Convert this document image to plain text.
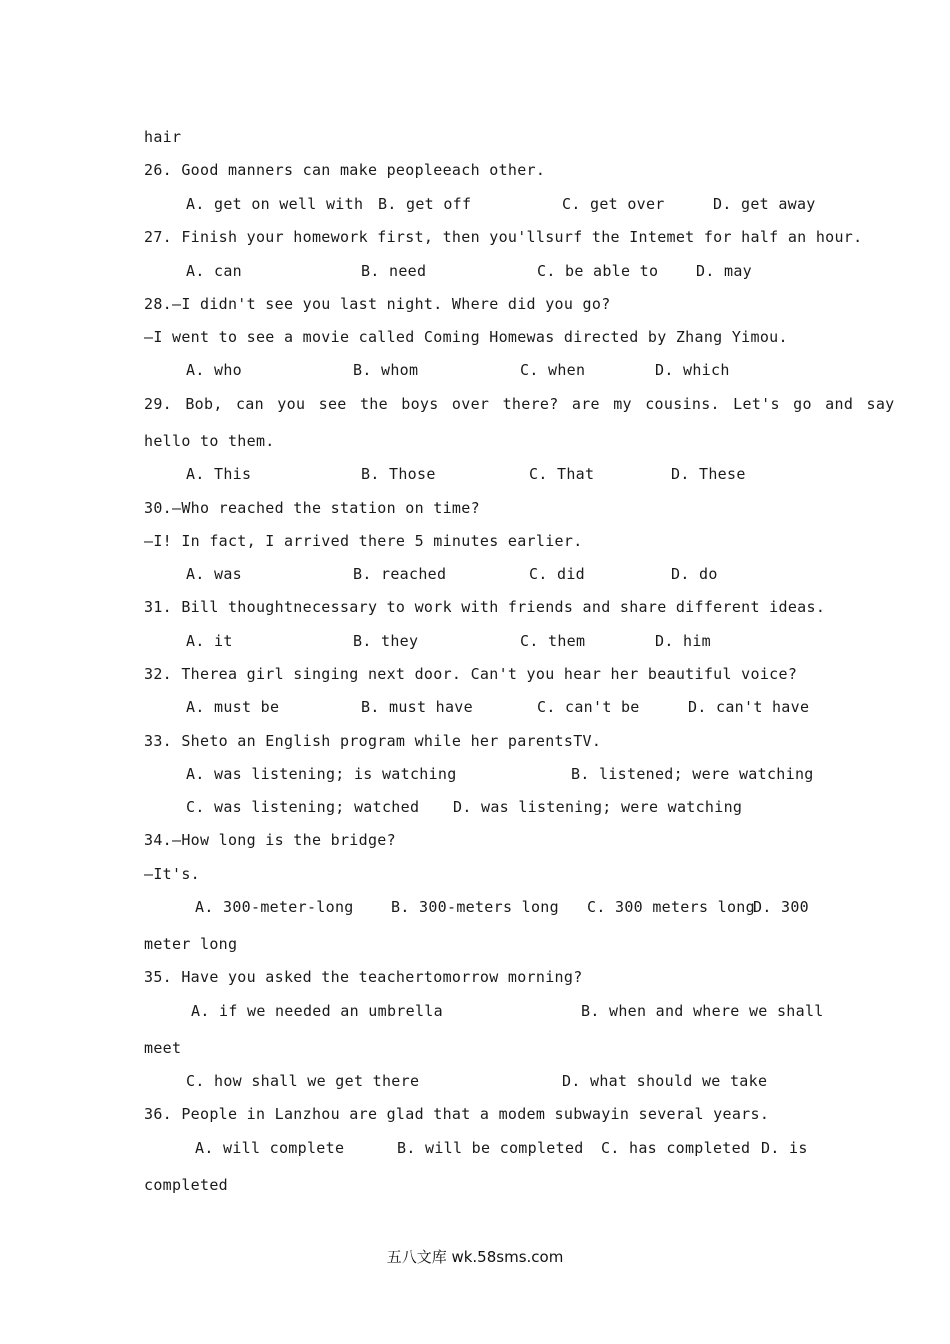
hair
26. Good manners can make peopleeach other.
A. get on well with B. get off	C. get over	D. get away
27. Finish your homework first, then you'llsurf the Intemet for half an hour.
A. can	B. need	C. be able to	D. may
28.—I didn't see you last night. Where did you go?
—I went to see a movie called Coming Homewas directed by Zhang Yimou.
A. who	B. whom	C. when	D. which
29. Bob, can you see the boys over there? are my cousins. Let's go and say
hello to them.
A. This	B. Those	C. That	D. These
30.—Who reached the station on time?
—I! In fact, I arrived there 5 minutes earlier.
A. was	B. reached	C. did	D. do
31. Bill thoughtnecessary to work with friends and share different ideas.
A. it	B. they	C. them	D. him
32. Therea girl singing next door. Can't you hear her beautiful voice?
A. must be	B. must have	C. can't be	D. can't have
33. Sheto an English program while her parentsTV.
A. was listening; is watching	B. listened; were watching
C. was listening; watched D. was listening; were watching
34.—How long is the bridge?
—It's.
A. 300-meter-long B. 300-meters long C. 300 meters long
D. 300
meter long
35. Have you asked the teachertomorrow morning?
A. if we needed an umbrella	B. when and where we shall
meet
C. how shall we get there	D. what should we take
36. People in Lanzhou are glad that a modem subwayin several years.
A. will complete	B. will be completed C. has completed D. is
completed
五八文库 wk.58sms.com
